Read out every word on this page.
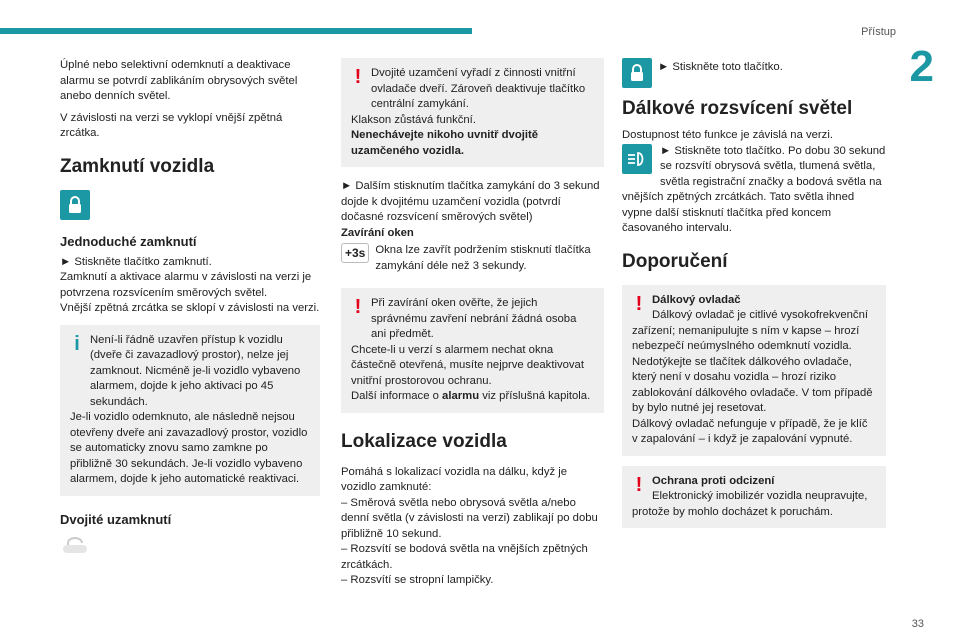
Přístup
2
33

Úplné nebo selektivní odemknutí a deaktivace alarmu se potvrdí zablikáním obrysových světel anebo denních světel.

V závislosti na verzi se vyklopí vnější zpětná zrcátka.

Zamknutí vozidla
Jednoduché zamknutí

► Stiskněte tlačítko zamknutí.
Zamknutí a aktivace alarmu v závislosti na verzi je potvrzena rozsvícením směrových světel.
Vnější zpětná zrcátka se sklopí v závislosti na verzi.

i Není-li řádně uzavřen přístup k vozidlu (dveře či zavazadlový prostor), nelze jej zamknout. Nicméně je-li vozidlo vybaveno alarmem, dojde k jeho aktivaci po 45 sekundách.
Je-li vozidlo odemknuto, ale následně nejsou otevřeny dveře ani zavazadlový prostor, vozidlo se automaticky znovu samo zamkne po přibližně 30 sekundách. Je-li vozidlo vybaveno alarmem, dojde k jeho automatické reaktivaci.
Dvojité uzamknutí
! Dvojité uzamčení vyřadí z činnosti vnitřní ovladače dveří. Zároveň deaktivuje tlačítko centrální zamykání.
Klakson zůstává funkční.
Nenechávejte nikoho uvnitř dvojitě uzamčeného vozidla.

► Dalším stisknutím tlačítka zamykání do 3 sekund dojde k dvojitému uzamčení vozidla (potvrdí dočasné rozsvícení směrových světel)

Zavírání oken

+3s Okna lze zavřít podržením stisknutí tlačítka zamykání déle než 3 sekundy.

! Při zavírání oken ověřte, že jejich správnému zavření nebrání žádná osoba ani předmět.
Chcete-li u verzí s alarmem nechat okna částečně otevřená, musíte nejprve deaktivovat vnitřní prostorovou ochranu.
Další informace o alarmu viz příslušná kapitola.
Lokalizace vozidla

Pomáhá s lokalizací vozidla na dálku, když je vozidlo zamknuté:
– Směrová světla nebo obrysová světla a/nebo denní světla (v závislosti na verzi) zablikají po dobu přibližně 10 sekund.
– Rozsvítí se bodová světla na vnějších zpětných zrcátkách.
– Rozsvítí se stropní lampičky.

► Stiskněte toto tlačítko.

Dálkové rozsvícení světel

Dostupnost této funkce je závislá na verzi.

► Stiskněte toto tlačítko. Po dobu 30 sekund se rozsvítí obrysová světla, tlumená světla, světla registrační značky a bodová světla na vnějších zpětných zrcátkách. Tato světla ihned vypne další stisknutí tlačítka před koncem časovaného intervalu.
Doporučení
! Dálkový ovladač
Dálkový ovladač je citlivé vysokofrekvenční zařízení; nemanipulujte s ním v kapse – hrozí nebezpečí neúmyslného odemknutí vozidla.
Nedotýkejte se tlačítek dálkového ovladače, který není v dosahu vozidla – hrozí riziko zablokování dálkového ovladače. V tom případě by bylo nutné jej resetovat.
Dálkový ovladač nefunguje v případě, že je klíč v zapalování – i když je zapalování vypnuté.
! Ochrana proti odcizení
Elektronický imobilizér vozidla neupravujte, protože by mohlo docházet k poruchám.
